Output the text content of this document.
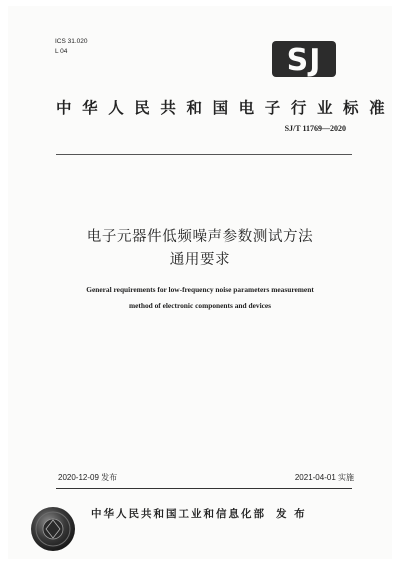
ICS 31.020
L 04	SJ
中 华 人 民 共 和 国 电 子 行 业 标 准
SJ/T 11769—2020
电子元器件低频噪声参数测试方法
通用要求
General requirements for low-frequency noise parameters measurement
method of electronic components and devices
2020-12-09 发布	2021-04-01 实施
中华人民共和国工业和信息化部 发 布
